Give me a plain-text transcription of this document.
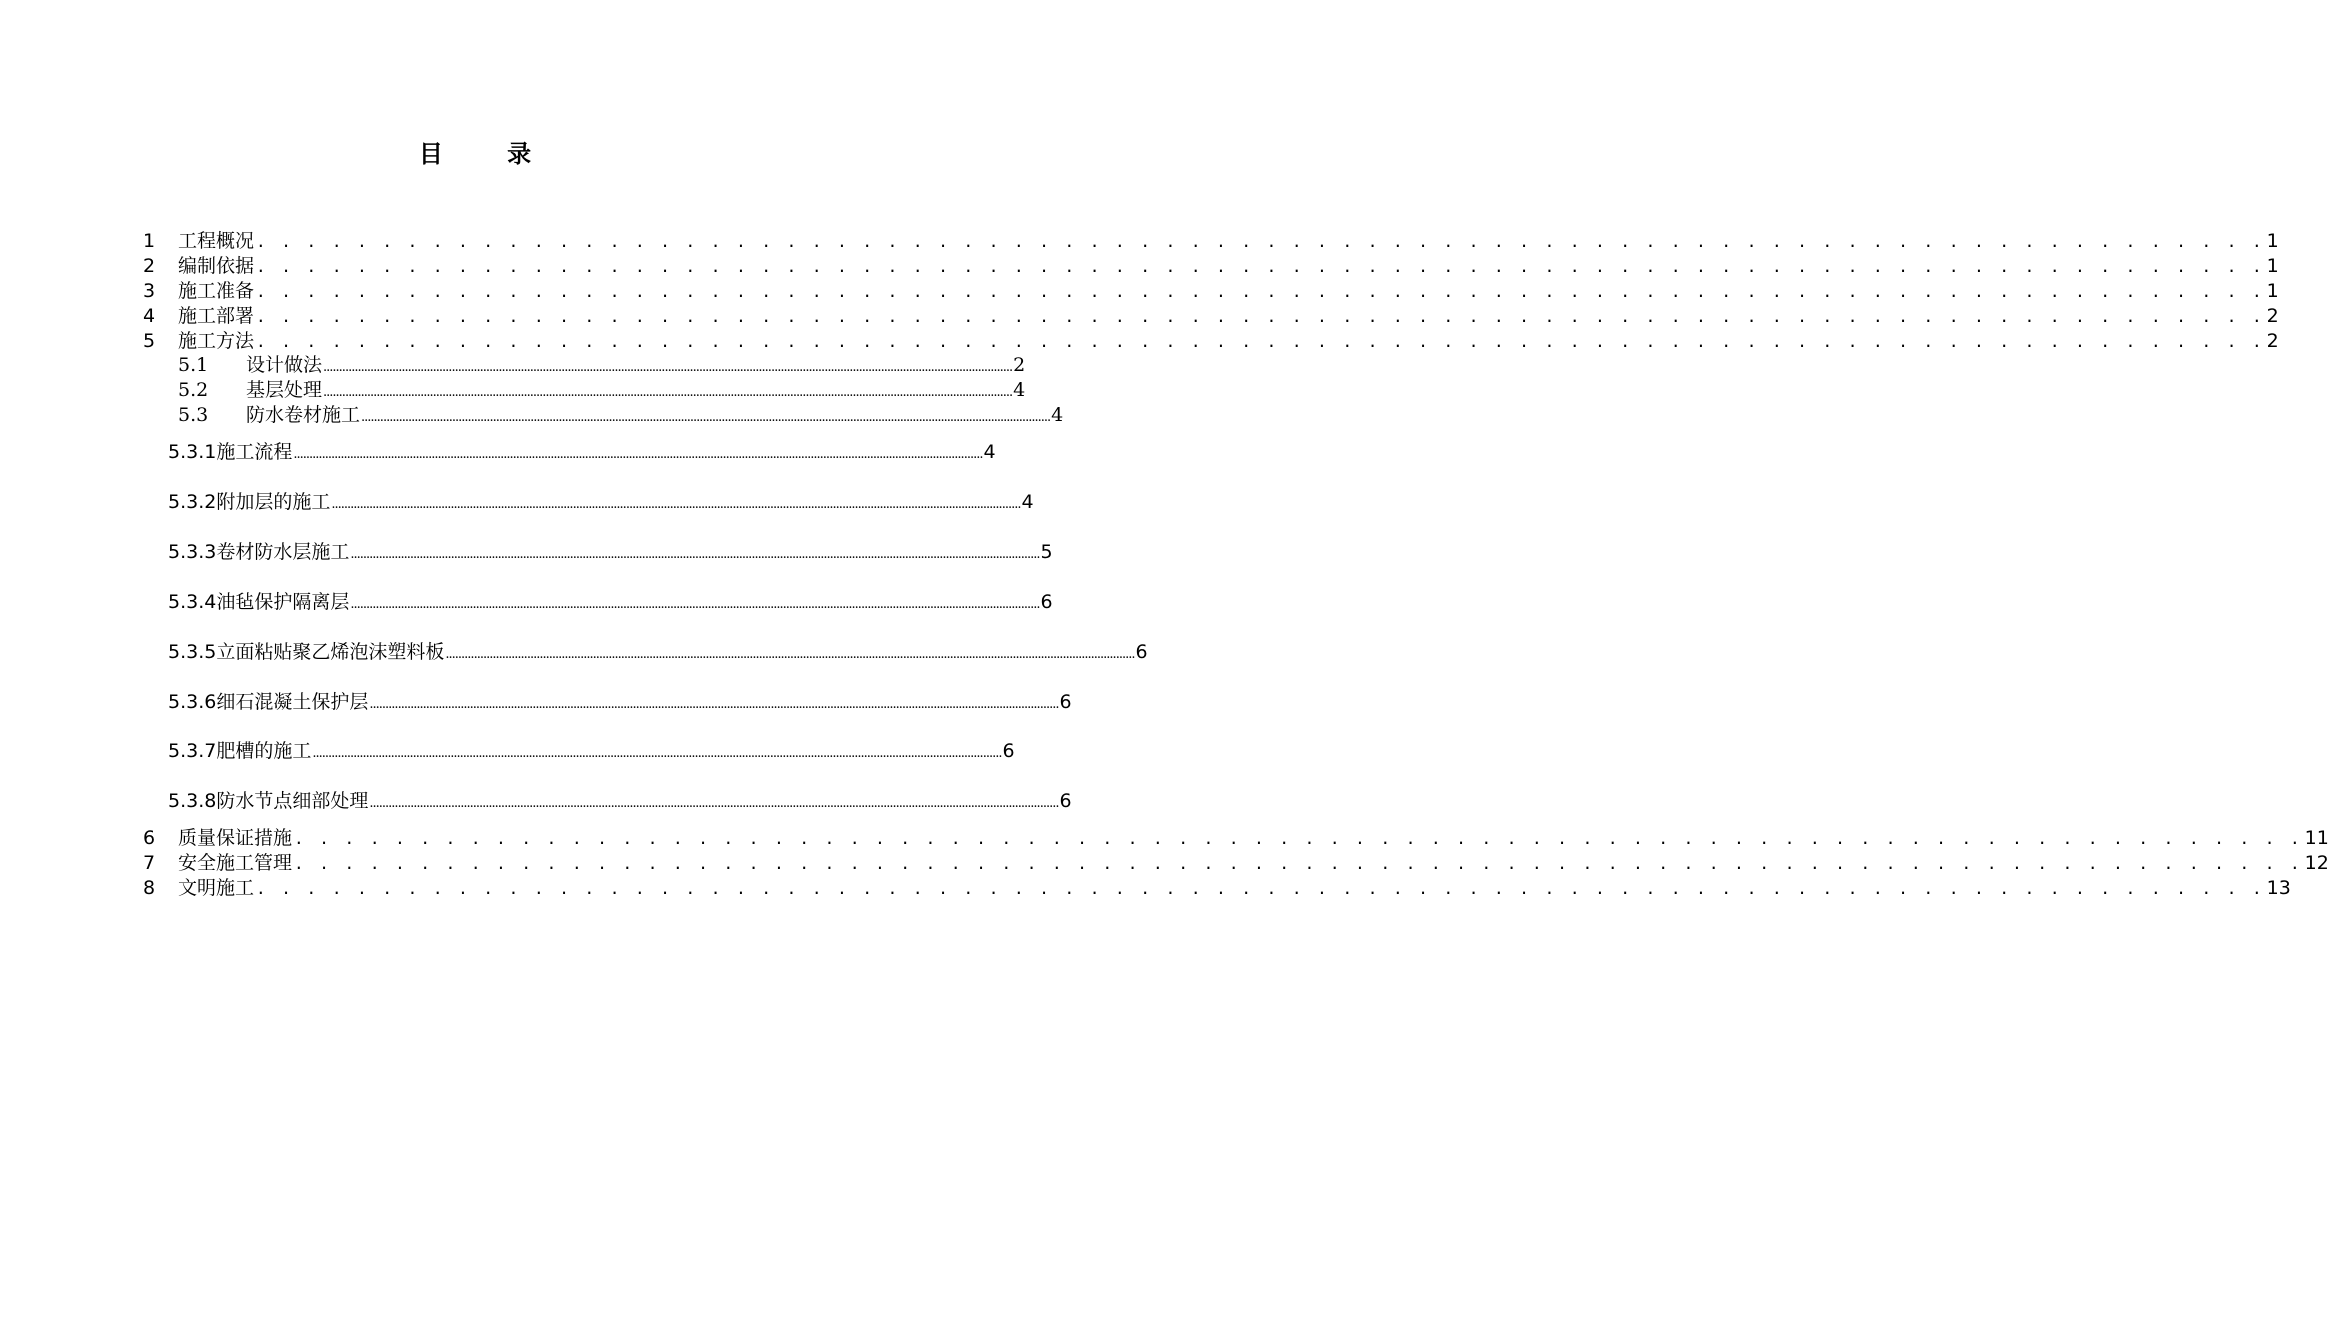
目 录
1	工程概况 . . . . . . . . . . . . . . . . . . . . . . . . . . . . . . . . . . . . . . . . . . . . . . . . . . . . . . . . . . . . . . . . . . . . . . . . . . . . . . . . 1
2	编制依据 . . . . . . . . . . . . . . . . . . . . . . . . . . . . . . . . . . . . . . . . . . . . . . . . . . . . . . . . . . . . . . . . . . . . . . . . . . . . . . . . 1
3	施工准备 . . . . . . . . . . . . . . . . . . . . . . . . . . . . . . . . . . . . . . . . . . . . . . . . . . . . . . . . . . . . . . . . . . . . . . . . . . . . . . . . 1
4	施工部署 . . . . . . . . . . . . . . . . . . . . . . . . . . . . . . . . . . . . . . . . . . . . . . . . . . . . . . . . . . . . . . . . . . . . . . . . . . . . . . . . 2
5	施工方法 . . . . . . . . . . . . . . . . . . . . . . . . . . . . . . . . . . . . . . . . . . . . . . . . . . . . . . . . . . . . . . . . . . . . . . . . . . . . . . . . 2
5.1	设计做法 ............................................................................................................................................................................................................................ 2
5.2	基层处理 ............................................................................................................................................................................................................................ 4
5.3	防水卷材施工 ............................................................................................................................................................................................................................ 4
5.3.1 施工流程 ............................................................................................................................................................................................................................ 4
5.3.2 附加层的施工 ............................................................................................................................................................................................................................ 4
5.3.3 卷材防水层施工 ............................................................................................................................................................................................................................ 5
5.3.4 油毡保护隔离层 ............................................................................................................................................................................................................................ 6
5.3.5 立面粘贴聚乙烯泡沫塑料板 ............................................................................................................................................................................................................................ 6
5.3.6 细石混凝土保护层 ............................................................................................................................................................................................................................ 6
5.3.7 肥槽的施工 ............................................................................................................................................................................................................................ 6
5.3.8 防水节点细部处理 ............................................................................................................................................................................................................................ 6
6	质量保证措施 . . . . . . . . . . . . . . . . . . . . . . . . . . . . . . . . . . . . . . . . . . . . . . . . . . . . . . . . . . . . . . . . . . . . . . . . . . . . . . . . 11
7	安全施工管理 . . . . . . . . . . . . . . . . . . . . . . . . . . . . . . . . . . . . . . . . . . . . . . . . . . . . . . . . . . . . . . . . . . . . . . . . . . . . . . . . 12
8	文明施工 . . . . . . . . . . . . . . . . . . . . . . . . . . . . . . . . . . . . . . . . . . . . . . . . . . . . . . . . . . . . . . . . . . . . . . . . . . . . . . . . 13
